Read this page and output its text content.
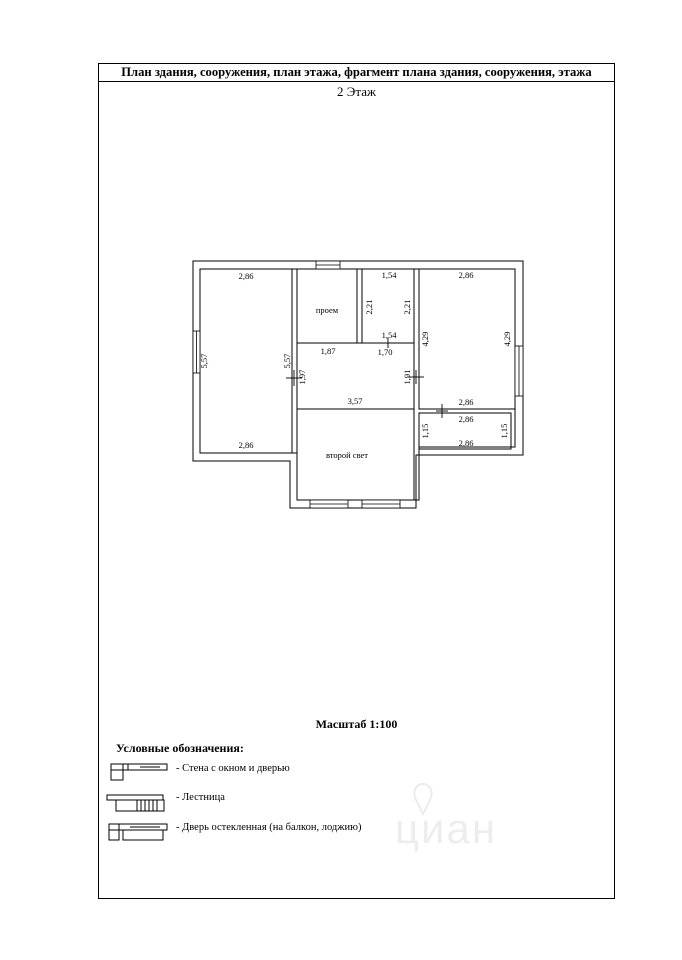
План здания, сооружения, план этажа, фрагмент плана здания, сооружения, этажа
2 Этаж
проем
второй свет
2,86
2,86
5,57	5,57
1,87
1,97	1,91
3,57
1,54
1,54
2,21	2,21
1,70
2,86
4,29	4,29
2,86
2,86
2,86
1,15	1,15
Масштаб 1:100
Условные обозначения:
- Стена с окном и дверью
- Лестница
- Дверь остекленная (на балкон, лоджию) циан
